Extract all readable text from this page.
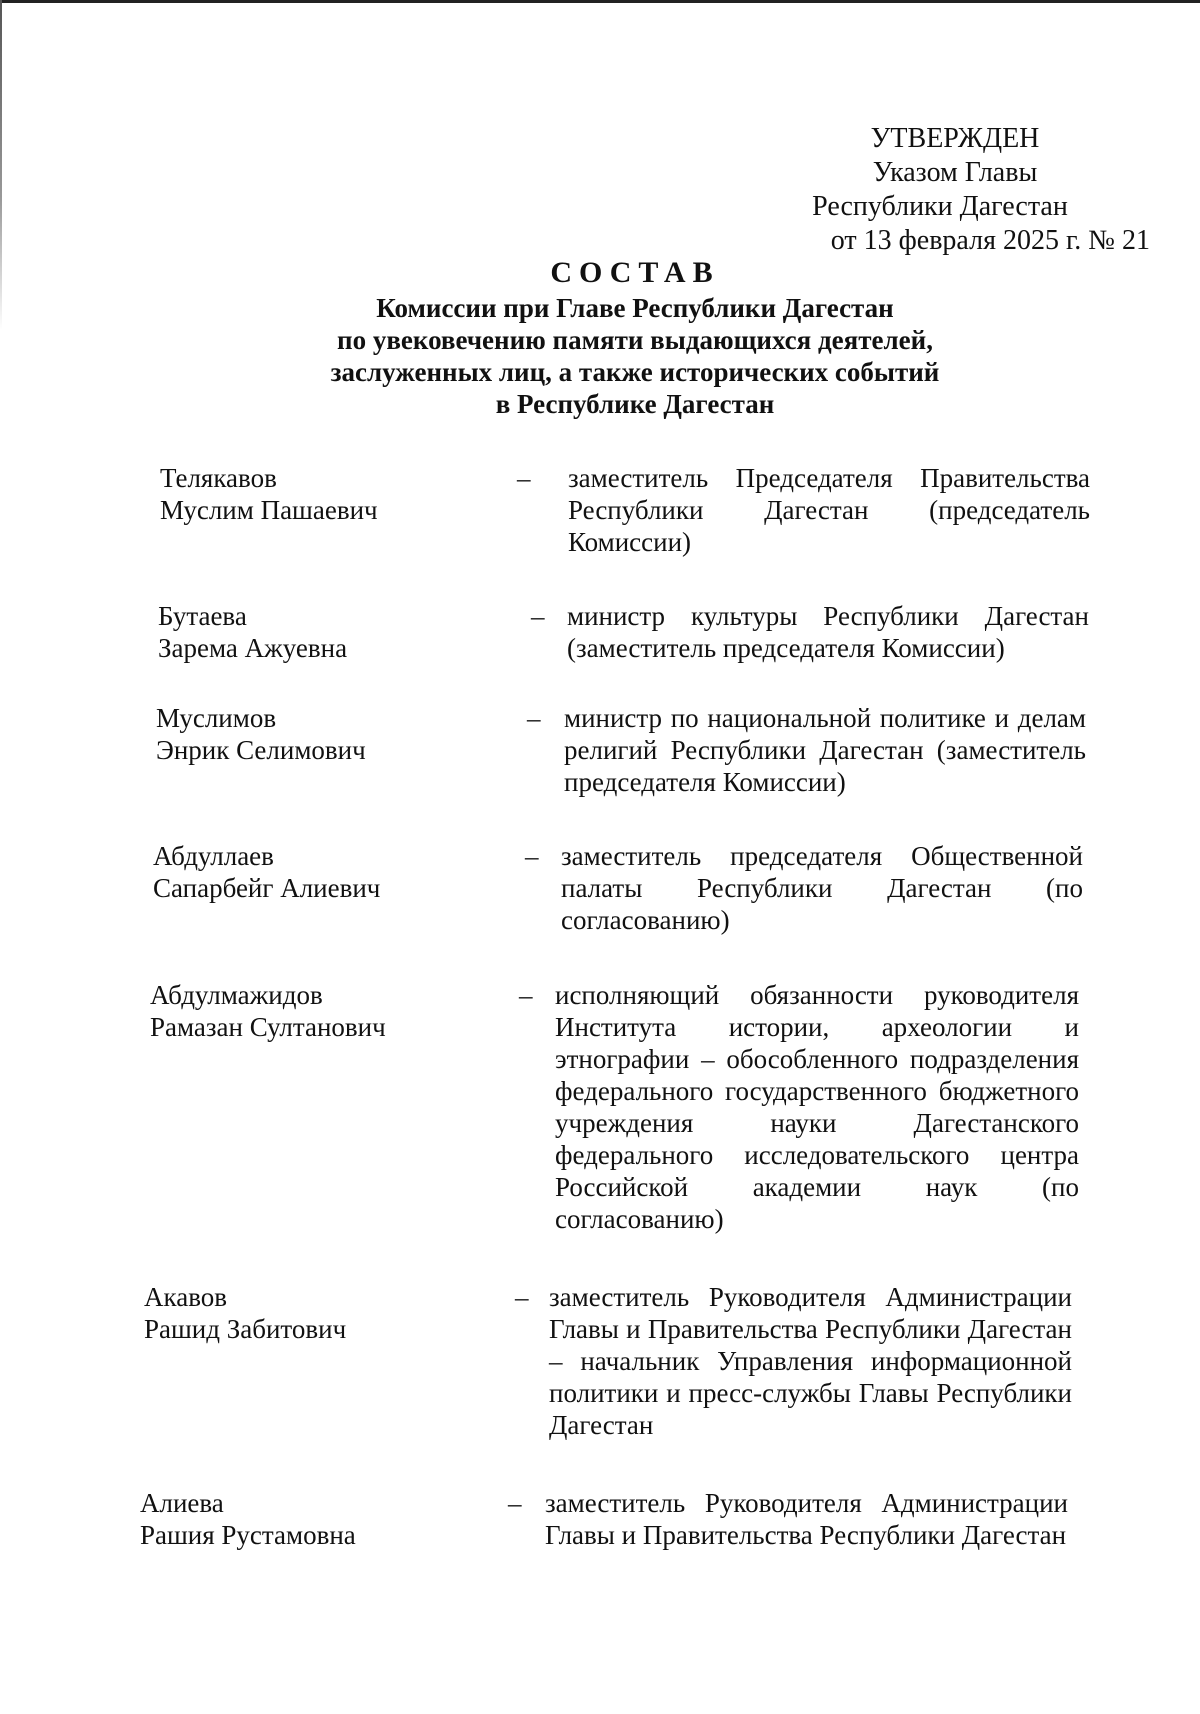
УТВЕРЖДЕН
Указом Главы
Республики Дагестан
от 13 февраля 2025 г. № 21
СОСТАВ
Комиссии при Главе Республики Дагестан
по увековечению памяти выдающихся деятелей,
заслуженных лиц, а также исторических событий
в Республике Дагестан
Телякавов
Муслим Пашаевич
– заместитель Председателя Правительства Республики Дагестан (председатель Комиссии)
Бутаева
Зарема Ажуевна
– министр культуры Республики Дагестан (заместитель председателя Комиссии)
Муслимов
Энрик Селимович
– министр по национальной политике и делам религий Республики Дагестан (заместитель председателя Комиссии)
Абдуллаев
Сапарбейг Алиевич
– заместитель председателя Общественной палаты Республики Дагестан (по согласованию)
Абдулмажидов
Рамазан Султанович
– исполняющий обязанности руководителя Института истории, археологии и этнографии – обособленного подразделения федерального государственного бюджетного учреждения науки Дагестанского федерального исследовательского центра Российской академии наук (по согласованию)
Акавов
Рашид Забитович
– заместитель Руководителя Администрации Главы и Правительства Республики Дагестан – начальник Управления информационной политики и пресс-службы Главы Республики Дагестан
Алиева
Рашия Рустамовна
– заместитель Руководителя Администрации Главы и Правительства Республики Дагестан
